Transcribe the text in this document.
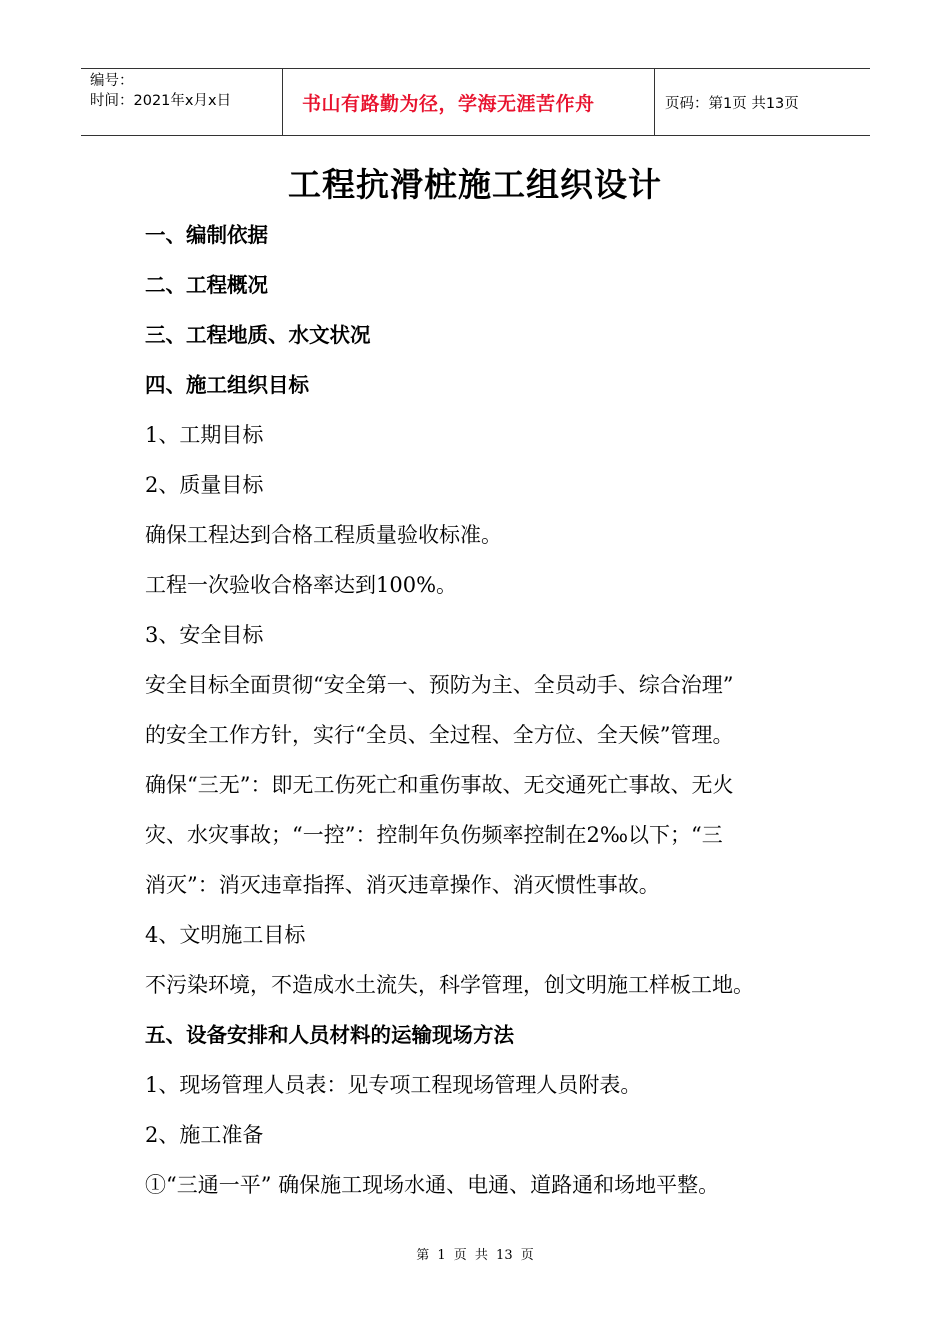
编号：
时间：2021年x月x日	书山有路勤为径，学海无涯苦作舟	页码：第1页 共13页
工程抗滑桩施工组织设计
一、编制依据
二、工程概况
三、工程地质、水文状况
四、施工组织目标
1、工期目标
2、质量目标
确保工程达到合格工程质量验收标准。
工程一次验收合格率达到100%。
3、安全目标
安全目标全面贯彻“安全第一、预防为主、全员动手、综合治理”
的安全工作方针，实行“全员、全过程、全方位、全天候”管理。
确保“三无”：即无工伤死亡和重伤事故、无交通死亡事故、无火
灾、水灾事故；“一控”：控制年负伤频率控制在2‰以下；“三
消灭”：消灭违章指挥、消灭违章操作、消灭惯性事故。
4、文明施工目标
不污染环境，不造成水土流失，科学管理，创文明施工样板工地。
五、设备安排和人员材料的运输现场方法
1、现场管理人员表：见专项工程现场管理人员附表。
2、施工准备
①“三通一平” 确保施工现场水通、电通、道路通和场地平整。
第 1 页 共 13 页
